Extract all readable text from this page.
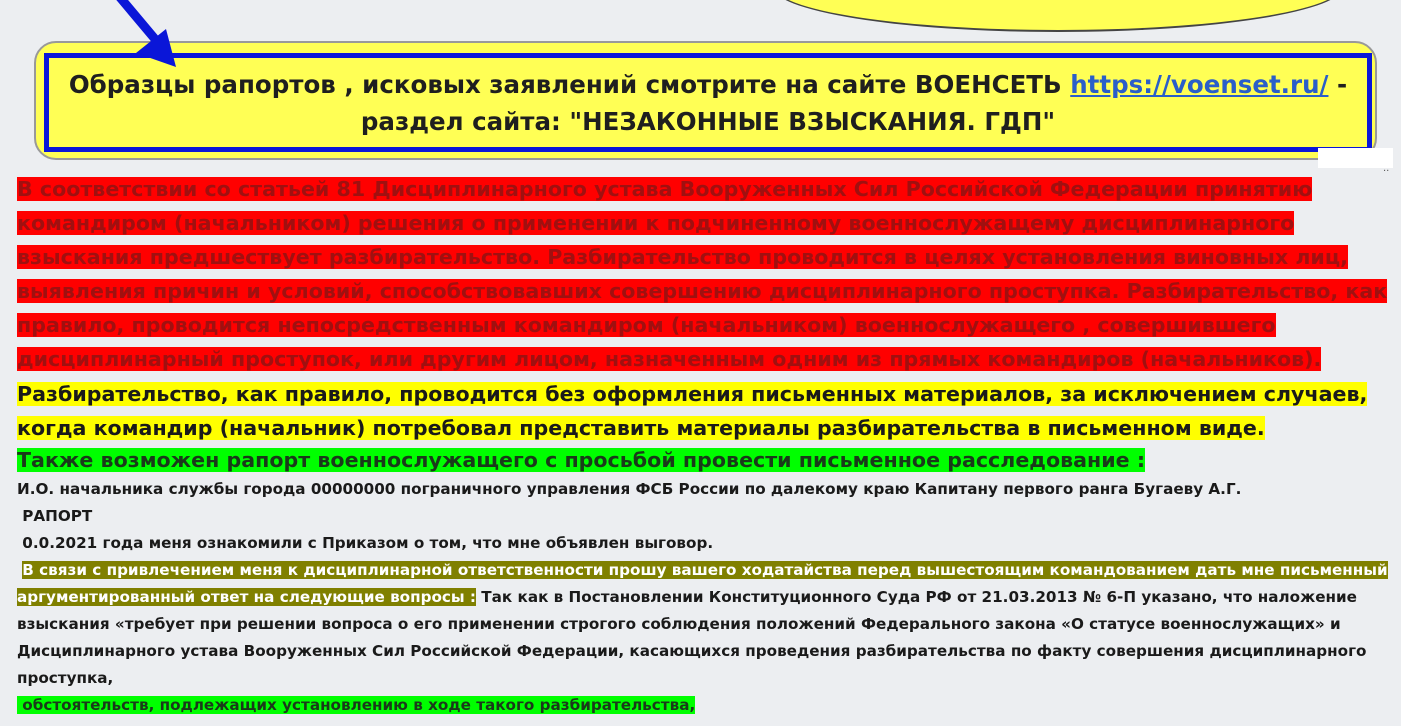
Образцы рапортов , исковых заявлений смотрите на сайте ВОЕНСЕТЬ https://voenset.ru/ -
раздел сайта: "НЕЗАКОННЫЕ ВЗЫСКАНИЯ. ГДП"
··

В соответствии со статьей 81 Дисциплинарного устава Вооруженных Сил Российской Федерации принятию командиром (начальником) решения о применении к подчиненному военнослужащему дисциплинарного взыскания предшествует разбирательство. Разбирательство проводится в целях установления виновных лиц, выявления причин и условий, способствовавших совершению дисциплинарного проступка. Разбирательство, как правило, проводится непосредственным командиром (начальником) военнослужащего , совершившего дисциплинарный проступок, или другим лицом, назначенным одним из прямых командиров (начальников).

Разбирательство, как правило, проводится без оформления письменных материалов, за исключением случаев, когда командир (начальник) потребовал представить материалы разбирательства в письменном виде.

Также возможен рапорт военнослужащего с просьбой провести письменное расследование :

И.О. начальника службы города 00000000 пограничного управления ФСБ России по далекому краю Капитану первого ранга Бугаеву А.Г.

РАПОРТ

0.0.2021 года меня ознакомили с Приказом о том, что мне объявлен выговор.

В связи с привлечением меня к дисциплинарной ответственности прошу вашего ходатайства перед вышестоящим командованием дать мне письменный аргументированный ответ на следующие вопросы : Так как в Постановлении Конституционного Суда РФ от 21.03.2013 № 6-П указано, что наложение взыскания «требует при решении вопроса о его применении строгого соблюдения положений Федерального закона «О статусе военнослужащих» и Дисциплинарного устава Вооруженных Сил Российской Федерации, касающихся проведения разбирательства по факту совершения дисциплинарного проступка,

обстоятельств, подлежащих установлению в ходе такого разбирательства,
